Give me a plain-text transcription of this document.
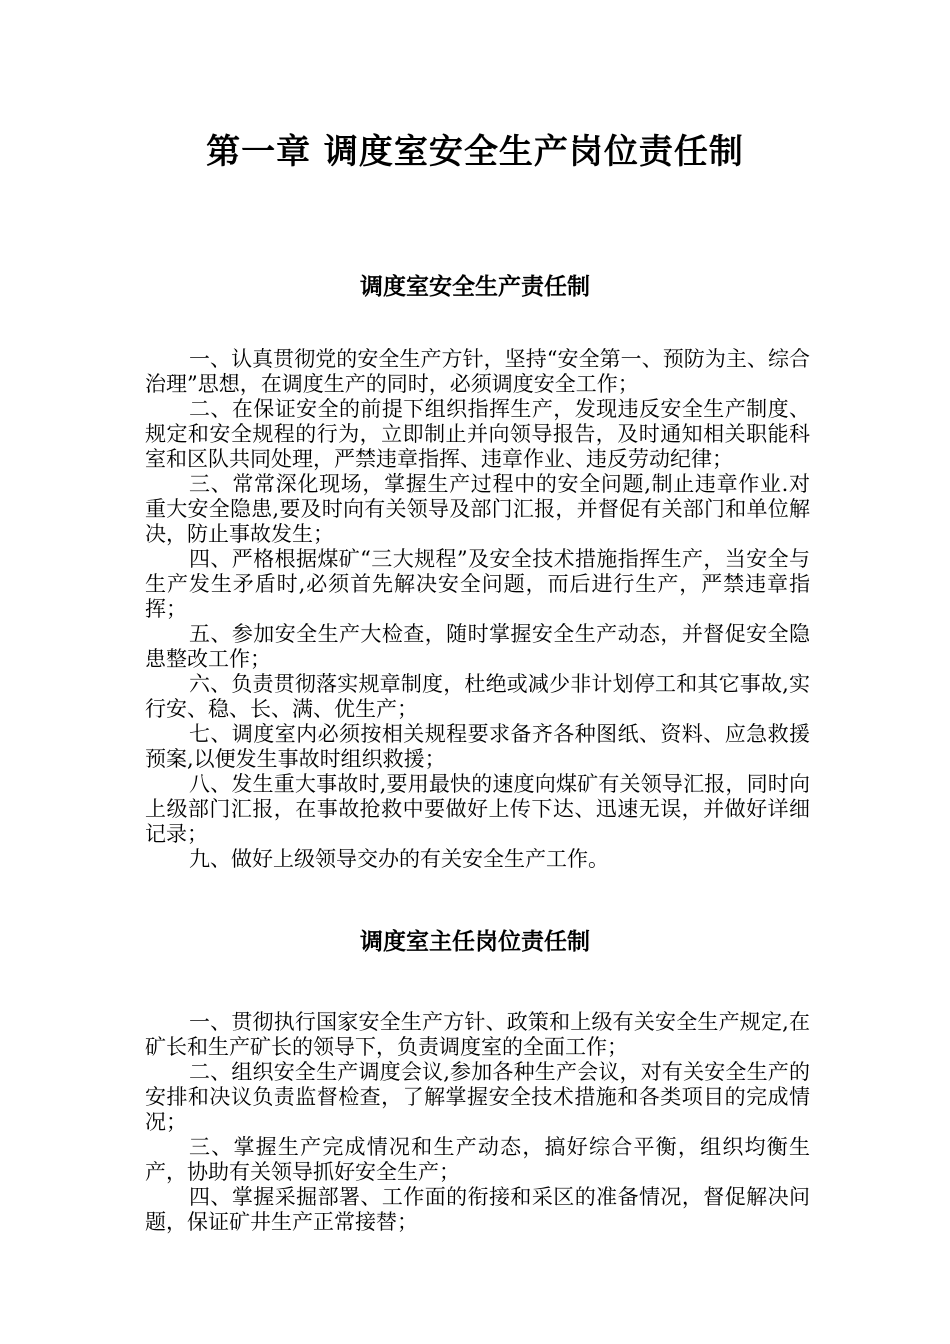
第一章 调度室安全生产岗位责任制
调度室安全生产责任制

一、认真贯彻党的安全生产方针，坚持“安全第一、预防为主、综合治理”思想，在调度生产的同时，必须调度安全工作；

二、在保证安全的前提下组织指挥生产，发现违反安全生产制度、规定和安全规程的行为，立即制止并向领导报告，及时通知相关职能科室和区队共同处理，严禁违章指挥、违章作业、违反劳动纪律；

三、常常深化现场，掌握生产过程中的安全问题,制止违章作业.对重大安全隐患,要及时向有关领导及部门汇报，并督促有关部门和单位解决，防止事故发生；

四、严格根据煤矿“三大规程”及安全技术措施指挥生产，当安全与生产发生矛盾时,必须首先解决安全问题，而后进行生产，严禁违章指挥；

五、参加安全生产大检查，随时掌握安全生产动态，并督促安全隐患整改工作；

六、负责贯彻落实规章制度，杜绝或减少非计划停工和其它事故,实行安、稳、长、满、优生产；

七、调度室内必须按相关规程要求备齐各种图纸、资料、应急救援预案,以便发生事故时组织救援；

八、发生重大事故时,要用最快的速度向煤矿有关领导汇报，同时向上级部门汇报，在事故抢救中要做好上传下达、迅速无误，并做好详细记录；

九、做好上级领导交办的有关安全生产工作。

调度室主任岗位责任制

一、贯彻执行国家安全生产方针、政策和上级有关安全生产规定,在矿长和生产矿长的领导下，负责调度室的全面工作；

二、组织安全生产调度会议,参加各种生产会议，对有关安全生产的安排和决议负责监督检查，了解掌握安全技术措施和各类项目的完成情况；

三、掌握生产完成情况和生产动态，搞好综合平衡，组织均衡生产，协助有关领导抓好安全生产；

四、掌握采掘部署、工作面的衔接和采区的准备情况，督促解决问题，保证矿井生产正常接替；
